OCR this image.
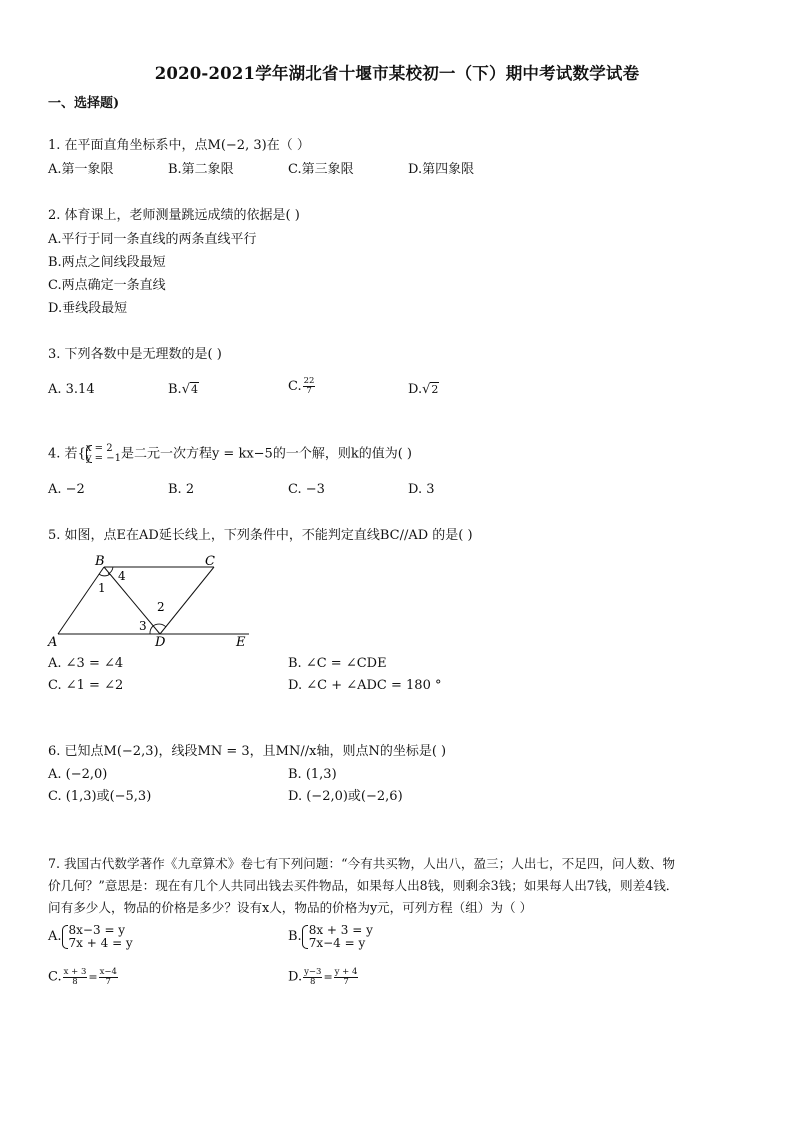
2020-2021学年湖北省十堰市某校初一（下）期中考试数学试卷
一、选择题)
1. 在平面直角坐标系中，点M(−2, 3)在（ ）
A.第一象限	B.第二象限	C.第三象限	D.第四象限
2. 体育课上，老师测量跳远成绩的依据是( )
A.平行于同一条直线的两条直线平行
B.两点之间线段最短
C.两点确定一条直线
D.垂线段最短
3. 下列各数中是无理数的是( )
A. 3.14	B.√4	C. $\frac{22}{7}$	D.√2
4. 若{ x = 2
y = −1 是二元一次方程y = kx−5的一个解，则k的值为( )
A. −2	B. 2	C. −3	D. 3
5. 如图，点E在AD延长线上，下列条件中，不能判定直线BC//AD 的是( )
B	C
A	D	E
1
2
3
4
A. ∠3 = ∠4	B. ∠C = ∠CDE
C. ∠1 = ∠2	D. ∠C + ∠ADC = 180 °
6. 已知点M(−2,3)，线段MN = 3，且MN//x轴，则点N的坐标是( )
A. (−2,0)	B. (1,3)
C. (1,3)或(−5,3)	D. (−2,0)或(−2,6)
7. 我国古代数学著作《九章算术》卷七有下列问题：“今有共买物，人出八，盈三；人出七，不足四，问人数、物
价几何？”意思是：现在有几个人共同出钱去买件物品，如果每人出8钱，则剩余3钱；如果每人出7钱，则差4钱．
问有多少人，物品的价格是多少？设有x人，物品的价格为y元，可列方程（组）为（ ）
A. 8x−3 = y
7x + 4 = y	B. 8x + 3 = y
7x−4 = y
C. $\frac{x + 3}{8} = \frac{x-4}{7}$	D. $\frac{y-3}{8} = \frac{y + 4}{7}$
